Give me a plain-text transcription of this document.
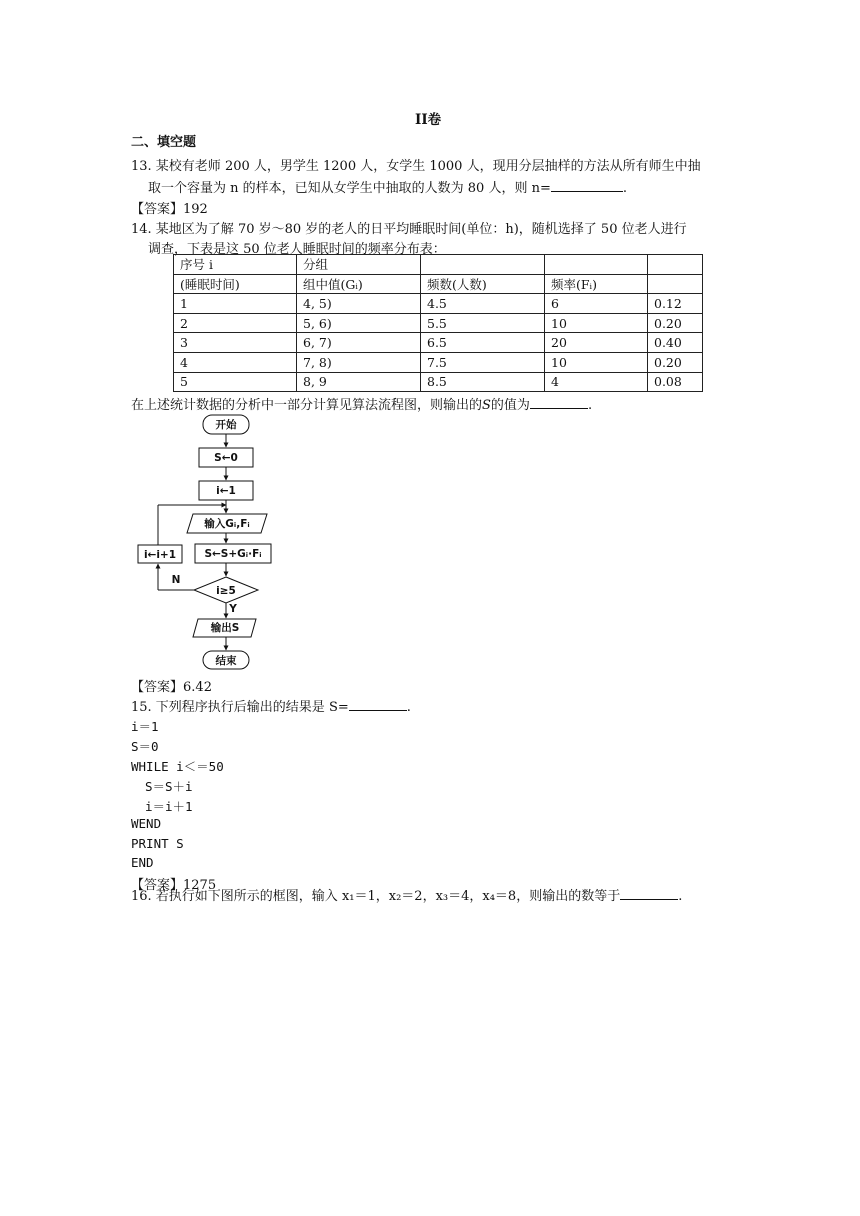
II卷
二、填空题
13. 某校有老师 200 人，男学生 1200 人，女学生 1000 人，现用分层抽样的方法从所有师生中抽
取一个容量为 n 的样本，已知从女学生中抽取的人数为 80 人，则 n=	.
【答案】192
14. 某地区为了解 70 岁～80 岁的老人的日平均睡眠时间(单位：h)，随机选择了 50 位老人进行
调查，下表是这 50 位老人睡眠时间的频率分布表：
序号 i	分组			
(睡眠时间)	组中值(Gᵢ)	频数(人数)	频率(Fᵢ)	
1	4, 5)	4.5	6	0.12
2	5, 6)	5.5	10	0.20
3	6, 7)	6.5	20	0.40
4	7, 8)	7.5	10	0.20
5	8, 9	8.5	4	0.08
在上述统计数据的分析中一部分计算见算法流程图，则输出的S的值为	.
开始
S←0
i←1
输入Gᵢ,Fᵢ
S←S+Gᵢ·Fᵢ
i←i+1
i≥5
N
Y
输出S
结束
【答案】6.42
15. 下列程序执行后输出的结果是 S=	.
i＝1
S＝0
WHILE i＜＝50
S＝S＋i
i＝i＋1
WEND
PRINT S
END
【答案】1275
16. 若执行如下图所示的框图，输入 x₁＝1，x₂＝2，x₃＝4，x₄＝8，则输出的数等于	.
